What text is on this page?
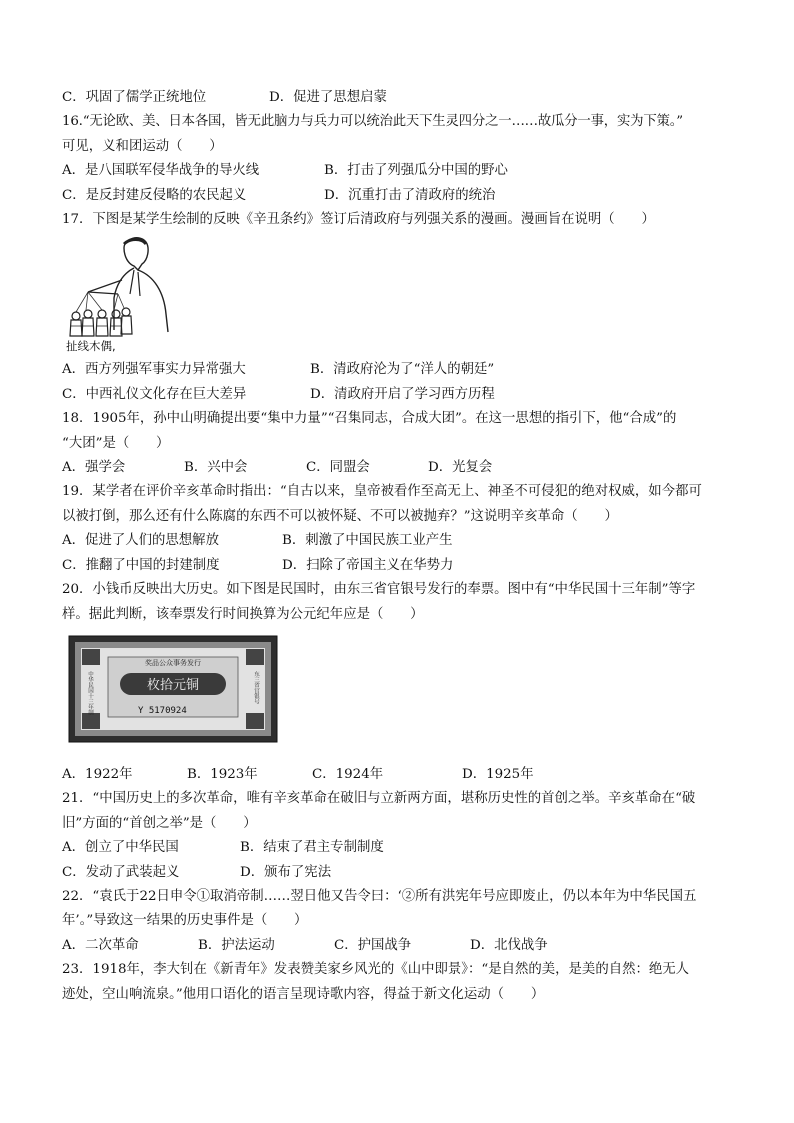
C．巩固了儒学正统地位	D．促进了思想启蒙
16.“无论欧、美、日本各国，皆无此脑力与兵力可以统治此天下生灵四分之一……故瓜分一事，实为下策。”
可见，义和团运动（　　）
A．是八国联军侵华战争的导火线	B．打击了列强瓜分中国的野心
C．是反封建反侵略的农民起义	D．沉重打击了清政府的统治
17．下图是某学生绘制的反映《辛丑条约》签订后清政府与列强关系的漫画。漫画旨在说明（　　）
扯线木偶,
A．西方列强军事实力异常强大	B．清政府沦为了“洋人的朝廷”
C．中西礼仪文化存在巨大差异	D．清政府开启了学习西方历程
18．1905年，孙中山明确提出要“集中力量”“召集同志，合成大团”。在这一思想的指引下，他“合成”的
“大团”是（　　）
A．强学会	B．兴中会	C．同盟会	D．光复会
19．某学者在评价辛亥革命时指出：“自古以来，皇帝被看作至高无上、神圣不可侵犯的绝对权威，如今都可
以被打倒，那么还有什么陈腐的东西不可以被怀疑、不可以被抛弃？”这说明辛亥革命（　　）
A．促进了人们的思想解放	B．刺激了中国民族工业产生
C．推翻了中国的封建制度	D．扫除了帝国主义在华势力
20．小钱币反映出大历史。如下图是民国时，由东三省官银号发行的奉票。图中有“中华民国十三年制”等字
样。据此判断，该奉票发行时间换算为公元纪年应是（　　）
奖品公众事务发行
枚拾元铜
中华民国十三年制	东三省官银号
Y 5170924
A．1922年	B．1923年	C．1924年	D．1925年
21．“中国历史上的多次革命，唯有辛亥革命在破旧与立新两方面，堪称历史性的首创之举。辛亥革命在“破
旧”方面的“首创之举”是（　　）
A．创立了中华民国	B．结束了君主专制制度
C．发动了武装起义	D．颁布了宪法
22．“袁氏于22日申令①取消帝制……翌日他又告令曰：‘②所有洪宪年号应即废止，仍以本年为中华民国五
年’。”导致这一结果的历史事件是（　　）
A．二次革命	B．护法运动	C．护国战争	D．北伐战争
23．1918年，李大钊在《新青年》发表赞美家乡风光的《山中即景》：“是自然的美，是美的自然：绝无人
迹处，空山响流泉。”他用口语化的语言呈现诗歌内容，得益于新文化运动（　　）
